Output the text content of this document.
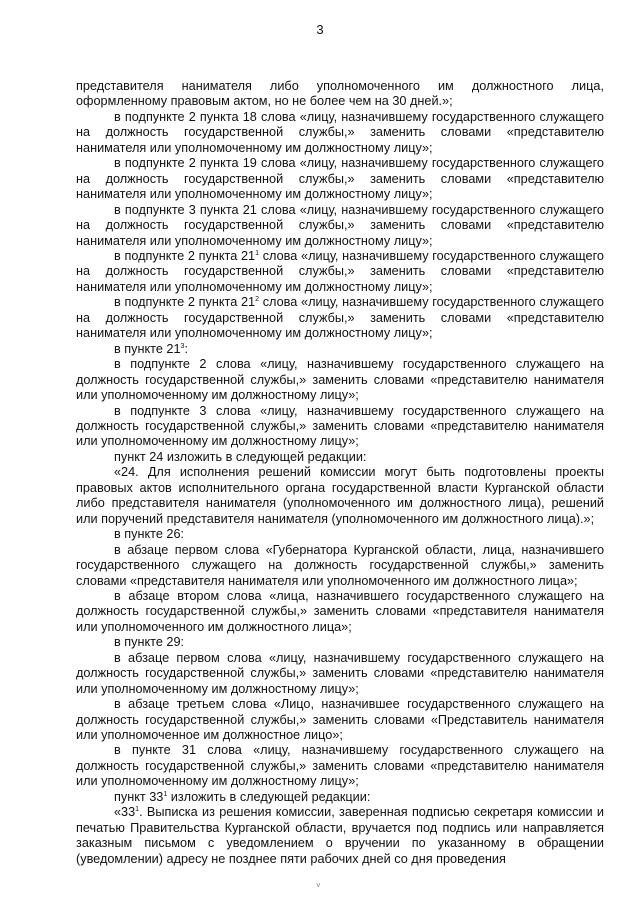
3

представителя нанимателя либо уполномоченного им должностного лица, оформленному правовым актом, но не более чем на 30 дней.»;

в подпункте 2 пункта 18 слова «лицу, назначившему государственного служащего на должность государственной службы,» заменить словами «представителю нанимателя или уполномоченному им должностному лицу»;

в подпункте 2 пункта 19 слова «лицу, назначившему государственного служащего на должность государственной службы,» заменить словами «представителю нанимателя или уполномоченному им должностному лицу»;

в подпункте 3 пункта 21 слова «лицу, назначившему государственного служащего на должность государственной службы,» заменить словами «представителю нанимателя или уполномоченному им должностному лицу»;

в подпункте 2 пункта $21^1$ слова «лицу, назначившему государственного служащего на должность государственной службы,» заменить словами «представителю нанимателя или уполномоченному им должностному лицу»;

в подпункте 2 пункта $21^2$ слова «лицу, назначившему государственного служащего на должность государственной службы,» заменить словами «представителю нанимателя или уполномоченному им должностному лицу»;

в пункте $21^3$:

в подпункте 2 слова «лицу, назначившему государственного служащего на должность государственной службы,» заменить словами «представителю нанимателя или уполномоченному им должностному лицу»;

в подпункте 3 слова «лицу, назначившему государственного служащего на должность государственной службы,» заменить словами «представителю нанимателя или уполномоченному им должностному лицу»;

пункт 24 изложить в следующей редакции:

«24. Для исполнения решений комиссии могут быть подготовлены проекты правовых актов исполнительного органа государственной власти Курганской области либо представителя нанимателя (уполномоченного им должностного лица), решений или поручений представителя нанимателя (уполномоченного им должностного лица).»;

в пункте 26:

в абзаце первом слова «Губернатора Курганской области, лица, назначившего государственного служащего на должность государственной службы,» заменить словами «представителя нанимателя или уполномоченного им должностного лица»;

в абзаце втором слова «лица, назначившего государственного служащего на должность государственной службы,» заменить словами «представителя нанимателя или уполномоченного им должностного лица»;

в пункте 29:

в абзаце первом слова «лицу, назначившему государственного служащего на должность государственной службы,» заменить словами «представителю нанимателя или уполномоченному им должностному лицу»;

в абзаце третьем слова «Лицо, назначившее государственного служащего на должность государственной службы,» заменить словами «Представитель нанимателя или уполномоченное им должностное лицо»;

в пункте 31 слова «лицу, назначившему государственного служащего на должность государственной службы,» заменить словами «представителю нанимателя или уполномоченному им должностному лицу»;

пункт $33^1$ изложить в следующей редакции:

«$33^1$. Выписка из решения комиссии, заверенная подписью секретаря комиссии и печатью Правительства Курганской области, вручается под подпись или направляется заказным письмом с уведомлением о вручении по указанному в обращении (уведомлении) адресу не позднее пяти рабочих дней со дня проведения

˅
